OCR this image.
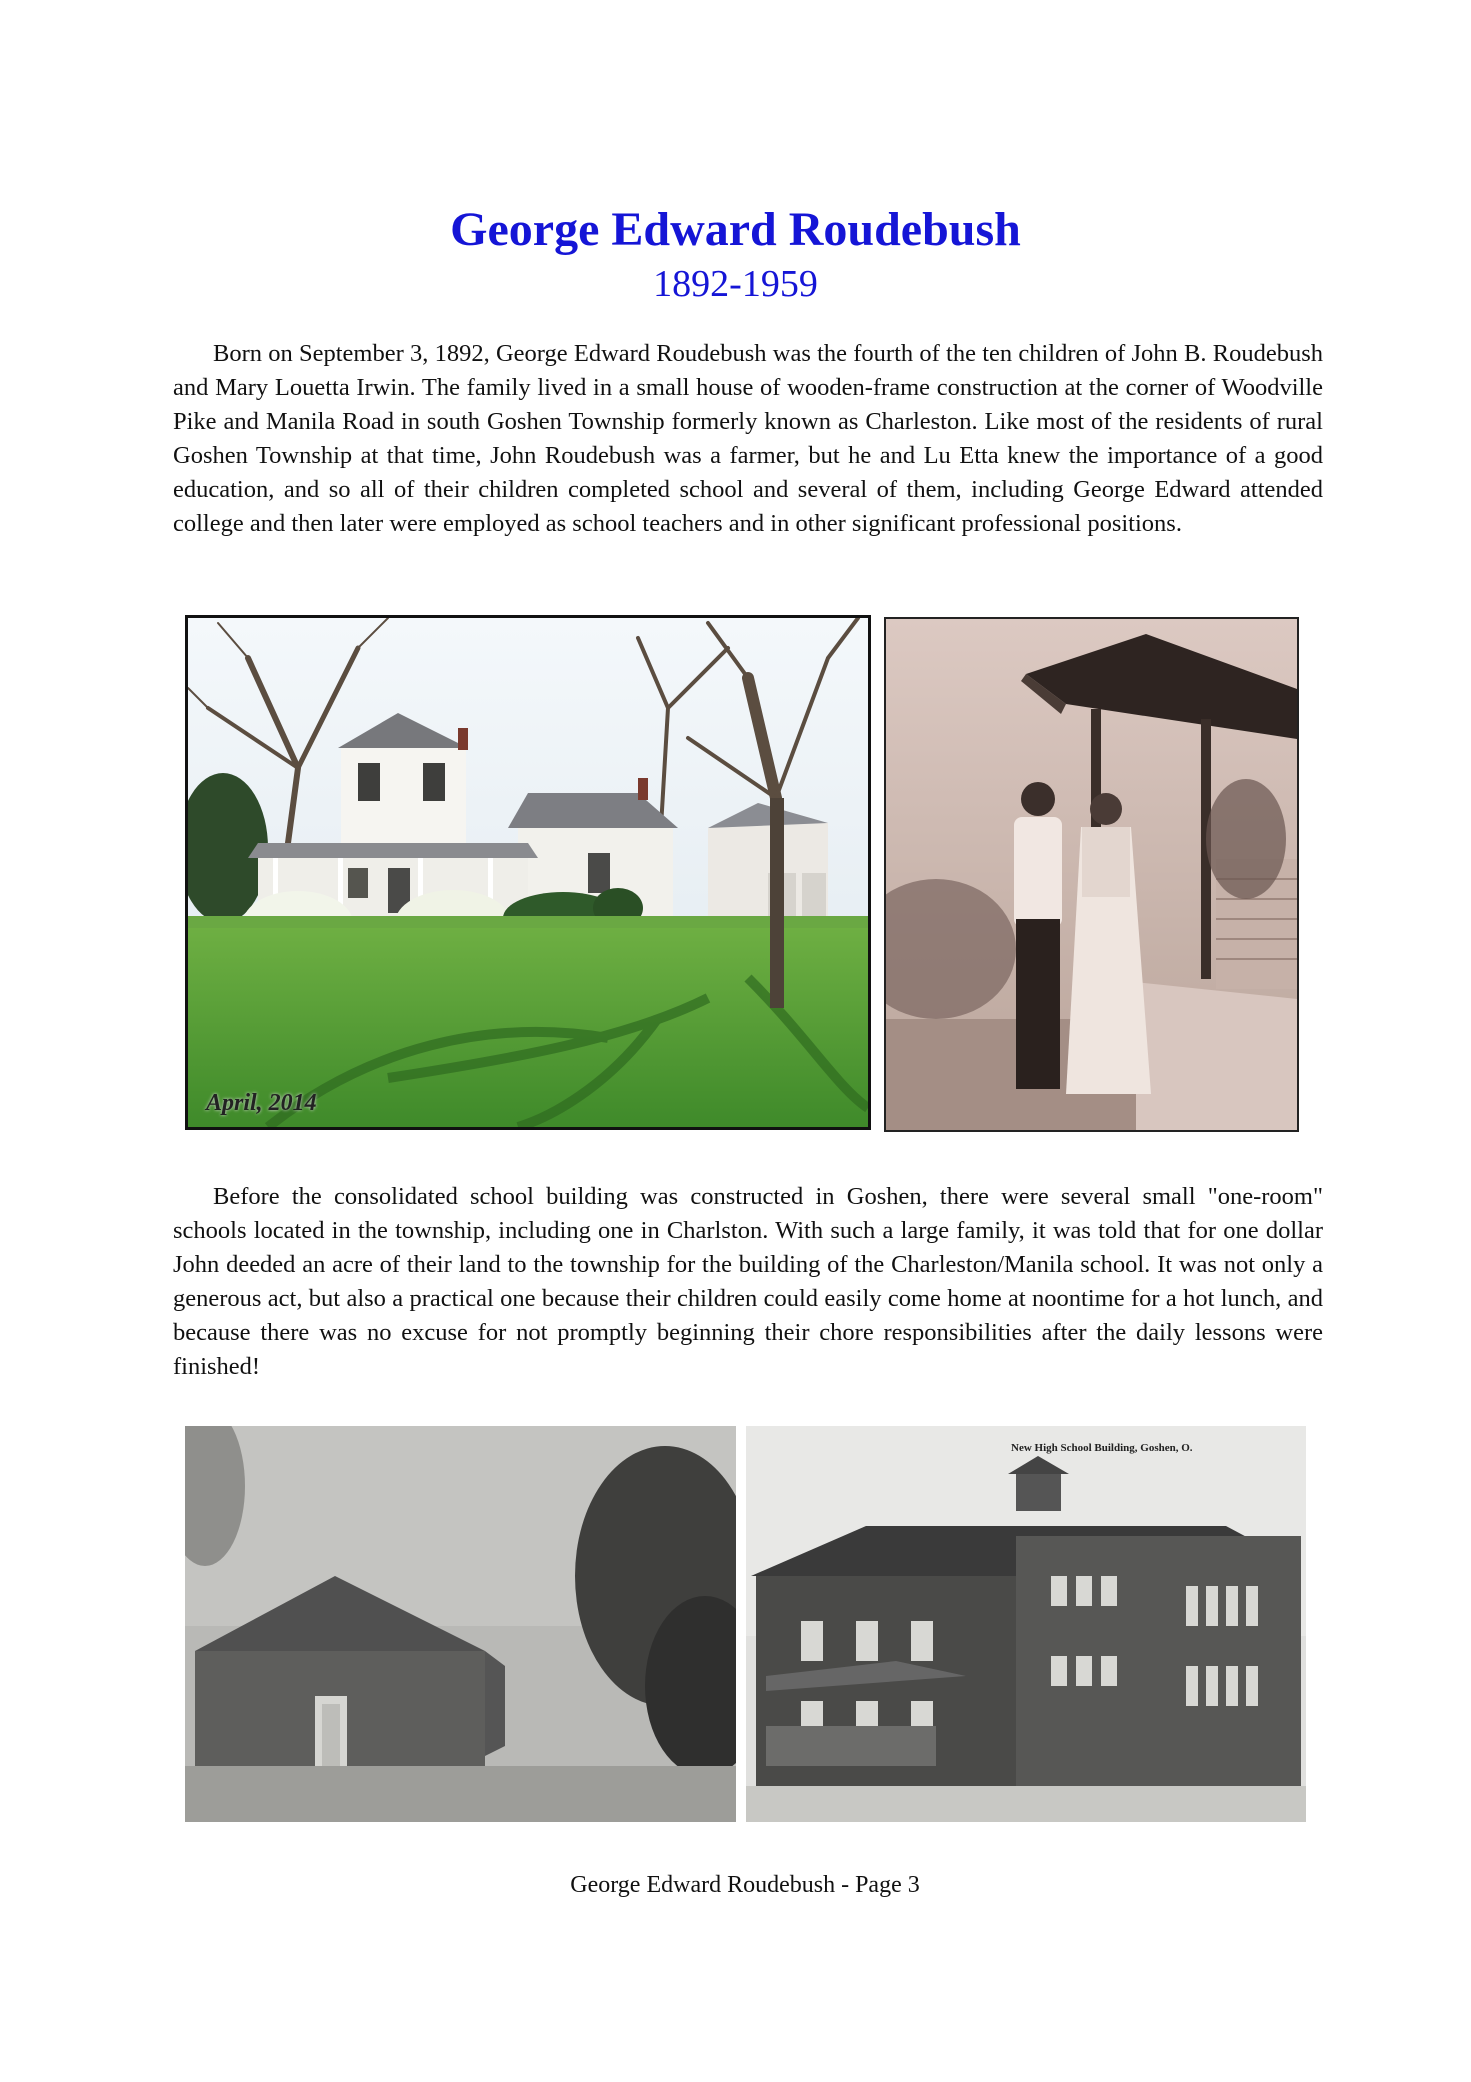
George Edward Roudebush
1892-1959

Born on September 3, 1892, George Edward Roudebush was the fourth of the ten children of John B. Roudebush and Mary Louetta Irwin. The family lived in a small house of wooden-frame construction at the corner of Woodville Pike and Manila Road in south Goshen Township formerly known as Charleston. Like most of the residents of rural Goshen Township at that time, John Roudebush was a farmer, but he and Lu Etta knew the importance of a good education, and so all of their children completed school and several of them, including George Edward attended college and then later were employed as school teachers and in other significant professional positions.

April, 2014

Before the consolidated school building was constructed in Goshen, there were several small "one-room" schools located in the township, including one in Charlston. With such a large family, it was told that for one dollar John deeded an acre of their land to the township for the building of the Charleston/Manila school. It was not only a generous act, but also a practical one because their children could easily come home at noontime for a hot lunch, and because there was no excuse for not promptly beginning their chore responsibilities after the daily lessons were finished!

New High School Building, Goshen, O.
George Edward Roudebush - Page 3
